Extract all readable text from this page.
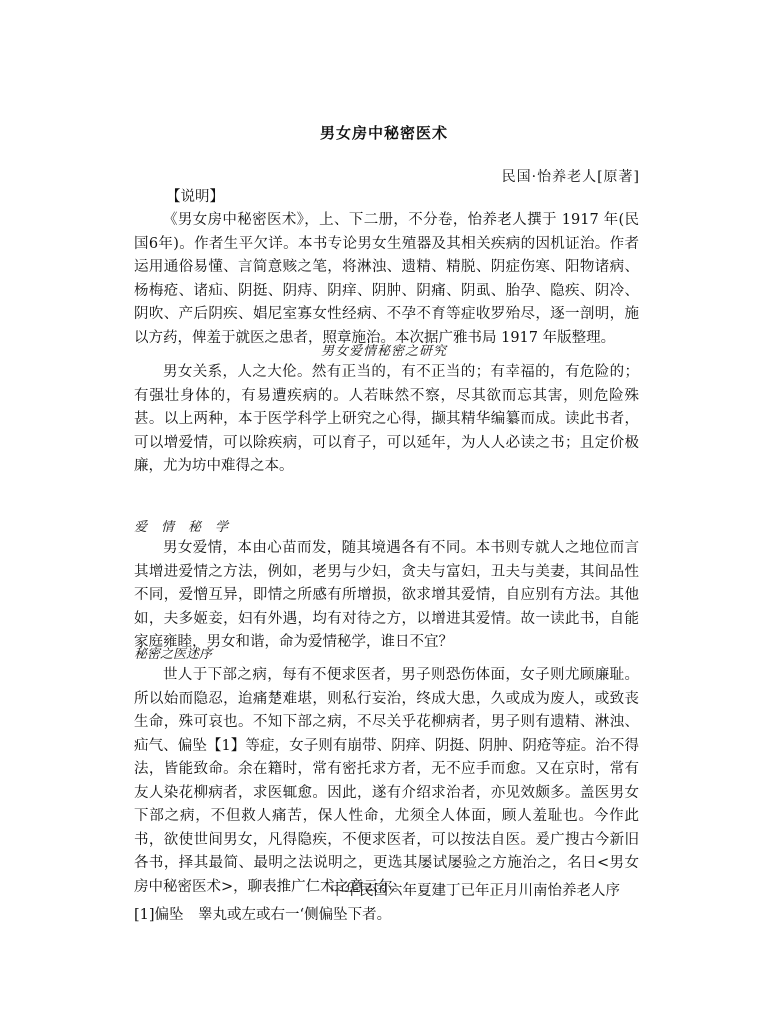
男女房中秘密医术
民国·怡养老人[原著]
【说明】

《男女房中秘密医术》，上、下二册，不分卷，怡养老人撰于 1917 年(民国6年)。作者生平欠详。本书专论男女生殖器及其相关疾病的因机证治。作者运用通俗易懂、言简意赅之笔，将淋浊、遗精、精脱、阴症伤寒、阳物诸病、杨梅疮、诸疝、阴挺、阴痔、阴痒、阴肿、阴痛、阴虱、胎孕、隐疾、阴冷、阴吹、产后阴疾、娼尼室寡女性经病、不孕不育等症收罗殆尽，逐一剖明，施以方药，俾羞于就医之患者，照章施治。本次据广雅书局 1917 年版整理。

男女爱情秘密之研究

男女关系，人之大伦。然有正当的，有不正当的；有幸福的，有危险的；有强壮身体的，有易遭疾病的。人若昧然不察，尽其欲而忘其害，则危险殊甚。以上两种，本于医学科学上研究之心得，撷其精华编纂而成。读此书者，可以增爱情，可以除疾病，可以育子，可以延年，为人人必读之书；且定价极廉，尤为坊中难得之本。

爱情秘学

男女爱情，本由心苗而发，随其境遇各有不同。本书则专就人之地位而言其增进爱情之方法，例如，老男与少妇，贪夫与富妇，丑夫与美妻，其间品性不同，爱憎互异，即情之所感有所增损，欲求增其爱情，自应别有方法。其他如，夫多姬妾，妇有外遇，均有对待之方，以增进其爱情。故一读此书，自能家庭雍睦，男女和谐，命为爱情秘学，谁日不宜？

秘密之医述序

世人于下部之病，每有不便求医者，男子则恐伤体面，女子则尤顾廉耻。所以始而隐忍，迨痛楚难堪，则私行妄治，终成大患，久或成为废人，或致丧生命，殊可哀也。不知下部之病，不尽关乎花柳病者，男子则有遗精、淋浊、疝气、偏坠【1】等症，女子则有崩带、阴痒、阴挺、阴肿、阴疮等症。治不得法，皆能致命。余在籍时，常有密托求方者，无不应手而愈。又在京时，常有友人染花柳病者，求医辄愈。因此，遂有介绍求治者，亦见效颇多。盖医男女下部之病，不但救人痛苦，保人性命，尤须全人体面，顾人羞耻也。今作此书，欲使世间男女，凡得隐疾，不便求医者，可以按法自医。爰广搜古今新旧各书，择其最简、最明之法说明之，更选其屡试屡验之方施治之，名日<男女房中秘密医术>，聊表推广仁术之意云尔。

中华民国六年夏建丁已年正月川南怡养老人序
[1]偏坠　睾丸或左或右一‘侧偏坠下者。
